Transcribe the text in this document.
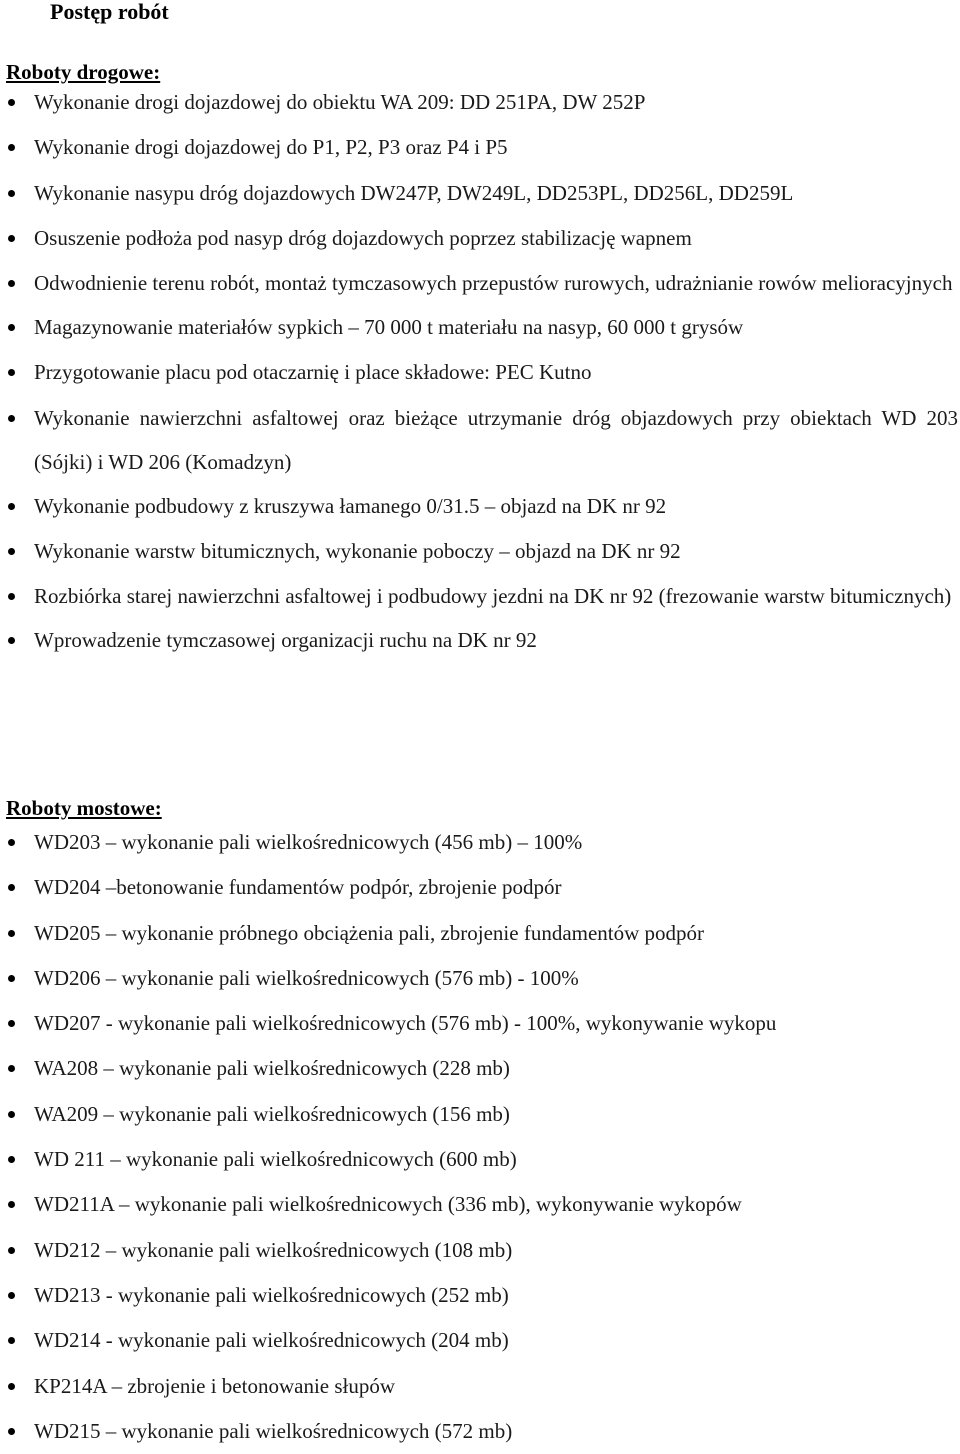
Postęp robót
Roboty drogowe:
Wykonanie drogi dojazdowej do obiektu WA 209: DD 251PA, DW 252P
Wykonanie drogi dojazdowej do P1, P2, P3 oraz P4 i P5
Wykonanie nasypu dróg dojazdowych DW247P, DW249L, DD253PL, DD256L, DD259L
Osuszenie podłoża pod nasyp dróg dojazdowych poprzez stabilizację wapnem
Odwodnienie terenu robót, montaż tymczasowych przepustów rurowych, udrażnianie rowów melioracyjnych
Magazynowanie materiałów sypkich – 70 000 t materiału na nasyp, 60 000 t grysów
Przygotowanie placu pod otaczarnię i place składowe: PEC Kutno
Wykonanie nawierzchni asfaltowej oraz bieżące utrzymanie dróg objazdowych przy obiektach WD 203 (Sójki) i WD 206 (Komadzyn)
Wykonanie podbudowy z kruszywa łamanego 0/31.5 – objazd na DK nr 92
Wykonanie warstw bitumicznych, wykonanie poboczy – objazd na DK nr 92
Rozbiórka starej nawierzchni asfaltowej i podbudowy jezdni na DK nr 92 (frezowanie warstw bitumicznych)
Wprowadzenie tymczasowej organizacji ruchu na DK nr 92
Roboty mostowe:
WD203 – wykonanie pali wielkośrednicowych (456 mb) – 100%
WD204 –betonowanie fundamentów podpór, zbrojenie podpór
WD205 – wykonanie próbnego obciążenia pali, zbrojenie fundamentów podpór
WD206 – wykonanie pali wielkośrednicowych (576 mb) - 100%
WD207 - wykonanie pali wielkośrednicowych (576 mb) - 100%, wykonywanie wykopu
WA208 – wykonanie pali wielkośrednicowych (228 mb)
WA209 – wykonanie pali wielkośrednicowych (156 mb)
WD 211 – wykonanie pali wielkośrednicowych (600 mb)
WD211A – wykonanie pali wielkośrednicowych (336 mb), wykonywanie wykopów
WD212 – wykonanie pali wielkośrednicowych (108 mb)
WD213 - wykonanie pali wielkośrednicowych (252 mb)
WD214 - wykonanie pali wielkośrednicowych (204 mb)
KP214A – zbrojenie i betonowanie słupów
WD215 – wykonanie pali wielkośrednicowych (572 mb)
